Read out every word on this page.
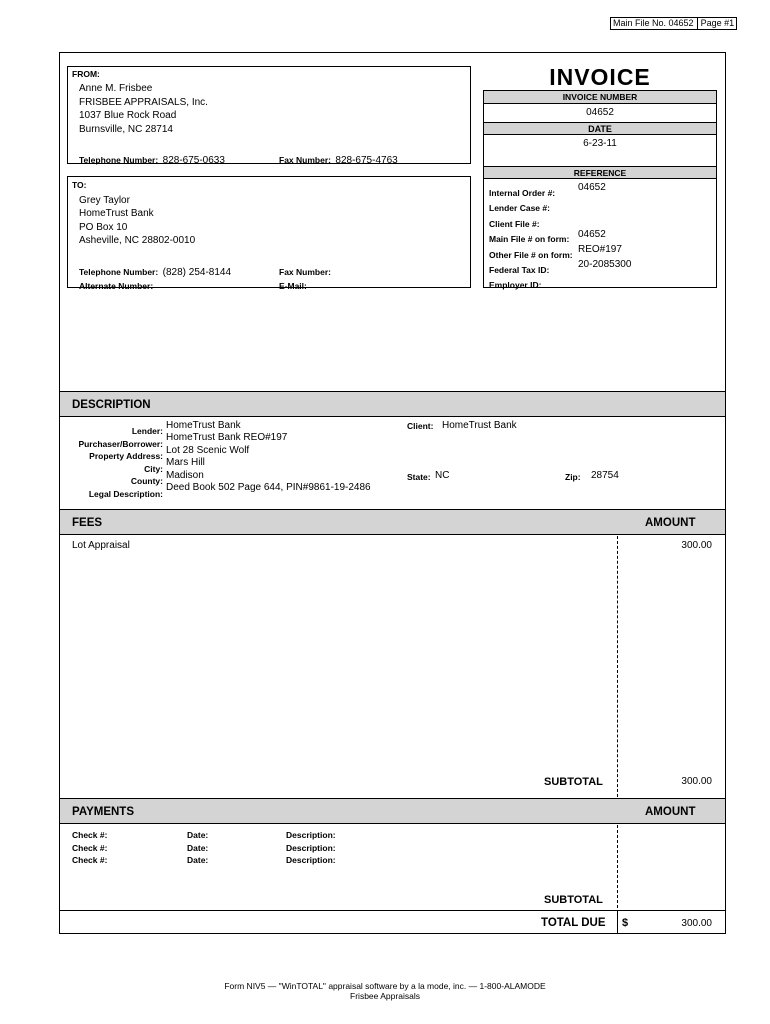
Main File No. 04652 Page #1
FROM:
Anne M. Frisbee
FRISBEE APPRAISALS, Inc.
1037 Blue Rock Road
Burnsville, NC 28714
Telephone Number: 828-675-0633	Fax Number: 828-675-4763
TO:
Grey Taylor
HomeTrust Bank
PO Box 10
Asheville, NC 28802-0010
Telephone Number: (828) 254-8144	Fax Number:
Alternate Number:	E-Mail:
INVOICE
INVOICE NUMBER
04652
DATE
6-23-11
REFERENCE
Internal Order #: 04652
Lender Case #:
Client File #:
Main File # on form: 04652
Other File # on form: REO#197
Federal Tax ID:	20-2085300
Employer ID:
DESCRIPTION
Lender: HomeTrust Bank	Client: HomeTrust Bank
Purchaser/Borrower:
HomeTrust Bank REO#197
Property Address: Lot 28 Scenic Wolf
City:
Mars Hill
County: Madison	State: NC	Zip: 28754
Legal Description:
Deed Book 502 Page 644, PIN#9861-19-2486
FEES	AMOUNT
Lot Appraisal	300.00
SUBTOTAL	300.00
PAYMENTS	AMOUNT
Check #:	Date:	Description:
Check #:	Date:	Description:
Check #:	Date:	Description:
SUBTOTAL
TOTAL DUE $	300.00
Form NIV5 — "WinTOTAL" appraisal software by a la mode, inc. — 1-800-ALAMODE
Frisbee Appraisals
